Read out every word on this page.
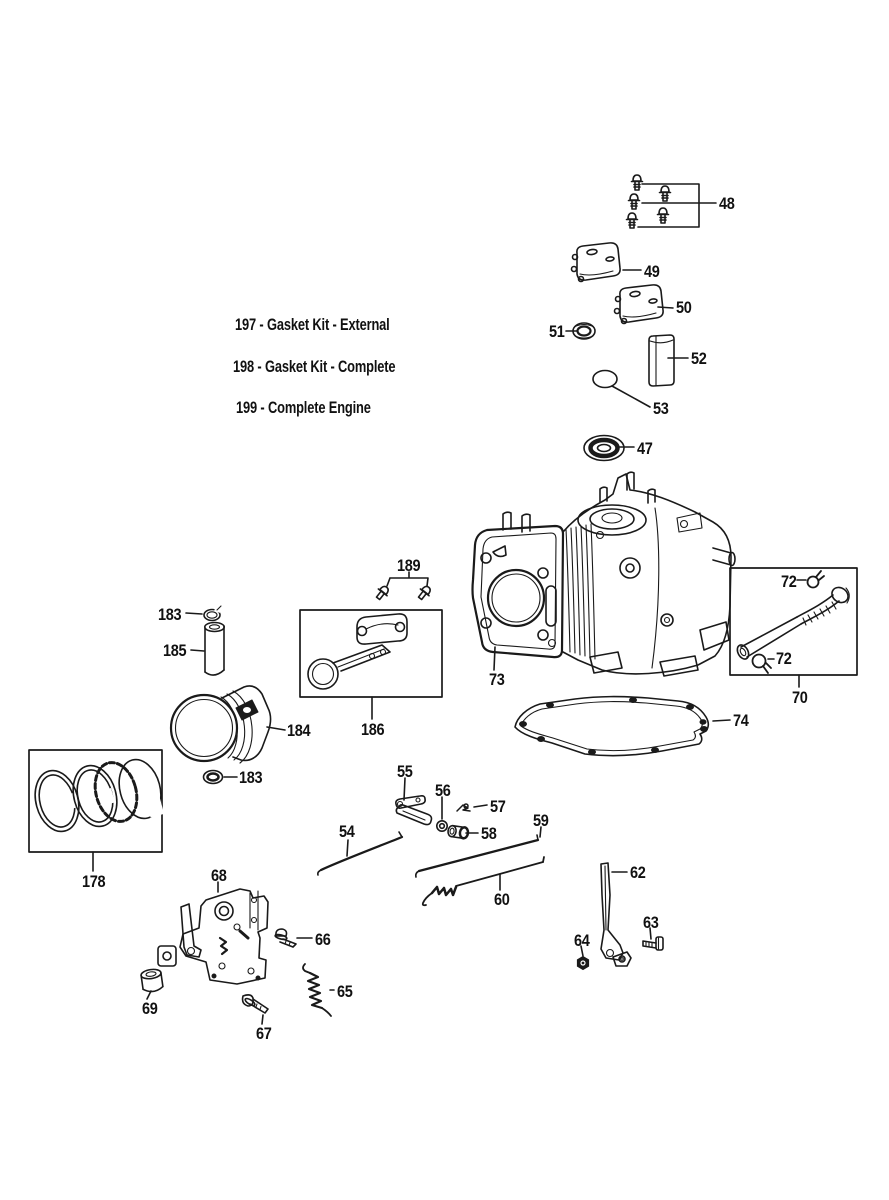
197 - Gasket Kit - External
198 - Gasket Kit - Complete
199 - Complete Engine
48
49
50
51
52
53
47
183
185
184
183
178
186
189
55
56
57
58
54
59
60
62
63
64
65
66
67
68
69
70
72
72
73
74
